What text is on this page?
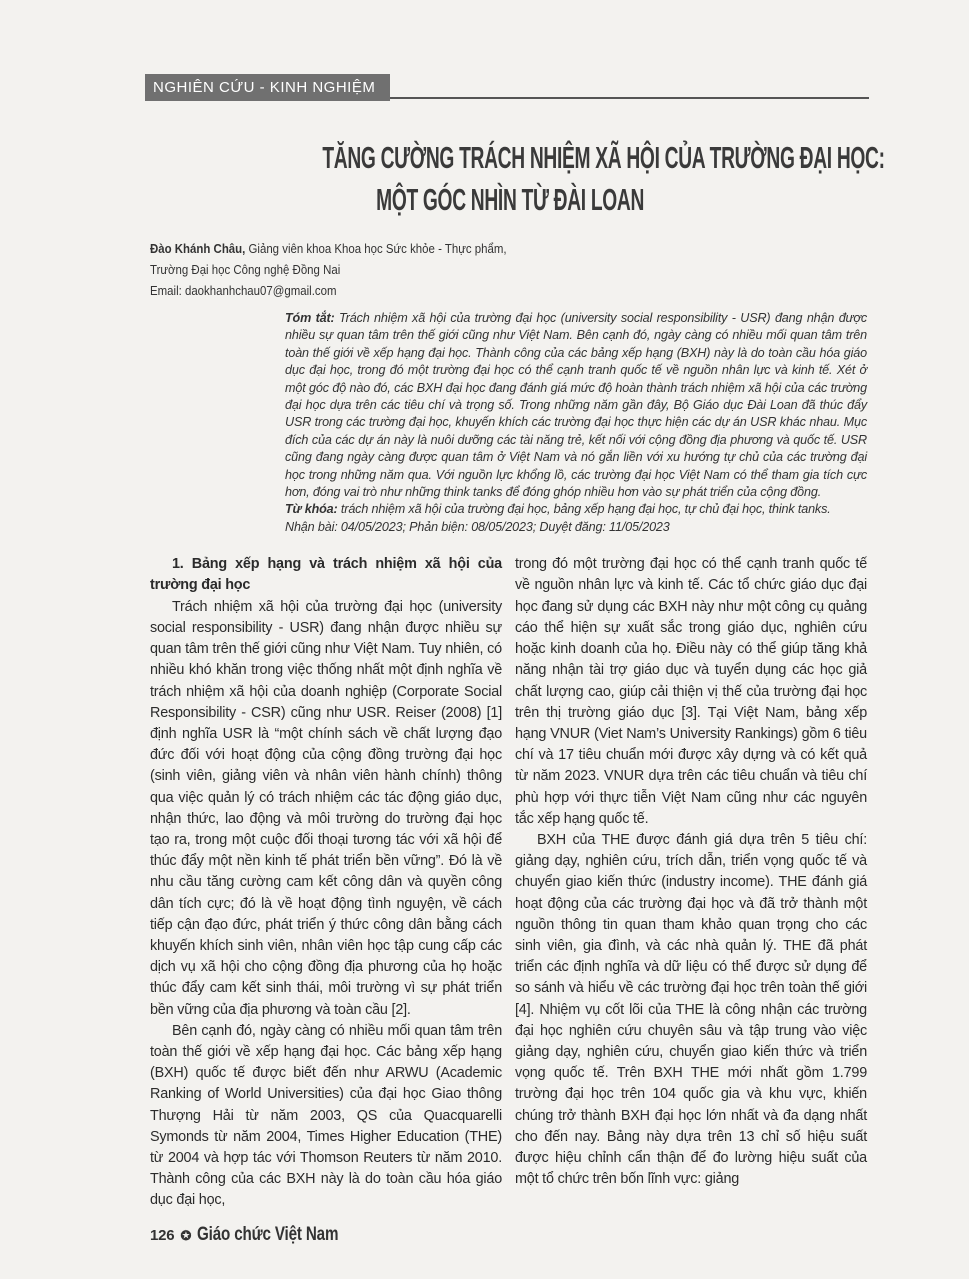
NGHIÊN CỨU - KINH NGHIỆM
TĂNG CƯỜNG TRÁCH NHIỆM XÃ HỘI CỦA TRƯỜNG ĐẠI HỌC:
MỘT GÓC NHÌN TỪ ĐÀI LOAN
Đào Khánh Châu, Giảng viên khoa Khoa học Sức khỏe - Thực phẩm,
Trường Đại học Công nghệ Đồng Nai
Email: daokhanhchau07@gmail.com
Tóm tắt: Trách nhiệm xã hội của trường đại học (university social responsibility - USR) đang nhận được nhiều sự quan tâm trên thế giới cũng như Việt Nam. Bên cạnh đó, ngày càng có nhiều mối quan tâm trên toàn thế giới về xếp hạng đại học. Thành công của các bảng xếp hạng (BXH) này là do toàn cầu hóa giáo dục đại học, trong đó một trường đại học có thể cạnh tranh quốc tế về nguồn nhân lực và kinh tế. Xét ở một góc độ nào đó, các BXH đại học đang đánh giá mức độ hoàn thành trách nhiệm xã hội của các trường đại học dựa trên các tiêu chí và trọng số. Trong những năm gần đây, Bộ Giáo dục Đài Loan đã thúc đẩy USR trong các trường đại học, khuyến khích các trường đại học thực hiện các dự án USR khác nhau. Mục đích của các dự án này là nuôi dưỡng các tài năng trẻ, kết nối với cộng đồng địa phương và quốc tế. USR cũng đang ngày càng được quan tâm ở Việt Nam và nó gắn liền với xu hướng tự chủ của các trường đại học trong những năm qua. Với nguồn lực khổng lồ, các trường đại học Việt Nam có thể tham gia tích cực hơn, đóng vai trò như những think tanks để đóng ghóp nhiều hơn vào sự phát triển của cộng đồng.
Từ khóa: trách nhiệm xã hội của trường đại học, bảng xếp hạng đại học, tự chủ đại học, think tanks.
Nhận bài: 04/05/2023; Phản biện: 08/05/2023; Duyệt đăng: 11/05/2023
1. Bảng xếp hạng và trách nhiệm xã hội của trường đại học

Trách nhiệm xã hội của trường đại học (university social responsibility - USR) đang nhận được nhiều sự quan tâm trên thế giới cũng như Việt Nam. Tuy nhiên, có nhiều khó khăn trong việc thống nhất một định nghĩa về trách nhiệm xã hội của doanh nghiệp (Corporate Social Responsibility - CSR) cũng như USR. Reiser (2008) [1] định nghĩa USR là “một chính sách về chất lượng đạo đức đối với hoạt động của cộng đồng trường đại học (sinh viên, giảng viên và nhân viên hành chính) thông qua việc quản lý có trách nhiệm các tác động giáo dục, nhận thức, lao động và môi trường do trường đại học tạo ra, trong một cuộc đối thoại tương tác với xã hội để thúc đẩy một nền kinh tế phát triển bền vững”. Đó là về nhu cầu tăng cường cam kết công dân và quyền công dân tích cực; đó là về hoạt động tình nguyện, về cách tiếp cận đạo đức, phát triển ý thức công dân bằng cách khuyến khích sinh viên, nhân viên học tập cung cấp các dịch vụ xã hội cho cộng đồng địa phương của họ hoặc thúc đẩy cam kết sinh thái, môi trường vì sự phát triển bền vững của địa phương và toàn cầu [2].

Bên cạnh đó, ngày càng có nhiều mối quan tâm trên toàn thế giới về xếp hạng đại học. Các bảng xếp hạng (BXH) quốc tế được biết đến như ARWU (Academic Ranking of World Universities) của đại học Giao thông Thượng Hải từ năm 2003, QS của Quacquarelli Symonds từ năm 2004, Times Higher Education (THE) từ 2004 và hợp tác với Thomson Reuters từ năm 2010. Thành công của các BXH này là do toàn cầu hóa giáo dục đại học,

126 ✪ Giáo chức Việt Nam

trong đó một trường đại học có thể cạnh tranh quốc tế về nguồn nhân lực và kinh tế. Các tổ chức giáo dục đại học đang sử dụng các BXH này như một công cụ quảng cáo thể hiện sự xuất sắc trong giáo dục, nghiên cứu hoặc kinh doanh của họ. Điều này có thể giúp tăng khả năng nhận tài trợ giáo dục và tuyển dụng các học giả chất lượng cao, giúp cải thiện vị thế của trường đại học trên thị trường giáo dục [3]. Tại Việt Nam, bảng xếp hạng VNUR (Viet Nam’s University Rankings) gồm 6 tiêu chí và 17 tiêu chuẩn mới được xây dựng và có kết quả từ năm 2023. VNUR dựa trên các tiêu chuẩn và tiêu chí phù hợp với thực tiễn Việt Nam cũng như các nguyên tắc xếp hạng quốc tế.

BXH của THE được đánh giá dựa trên 5 tiêu chí: giảng dạy, nghiên cứu, trích dẫn, triển vọng quốc tế và chuyển giao kiến thức (industry income). THE đánh giá hoạt động của các trường đại học và đã trở thành một nguồn thông tin quan tham khảo quan trọng cho các sinh viên, gia đình, và các nhà quản lý. THE đã phát triển các định nghĩa và dữ liệu có thể được sử dụng để so sánh và hiểu về các trường đại học trên toàn thế giới [4]. Nhiệm vụ cốt lõi của THE là công nhận các trường đại học nghiên cứu chuyên sâu và tập trung vào việc giảng dạy, nghiên cứu, chuyển giao kiến thức và triển vọng quốc tế. Trên BXH THE mới nhất gồm 1.799 trường đại học trên 104 quốc gia và khu vực, khiến chúng trở thành BXH đại học lớn nhất và đa dạng nhất cho đến nay. Bảng này dựa trên 13 chỉ số hiệu suất được hiệu chỉnh cẩn thận để đo lường hiệu suất của một tổ chức trên bốn lĩnh vực: giảng
